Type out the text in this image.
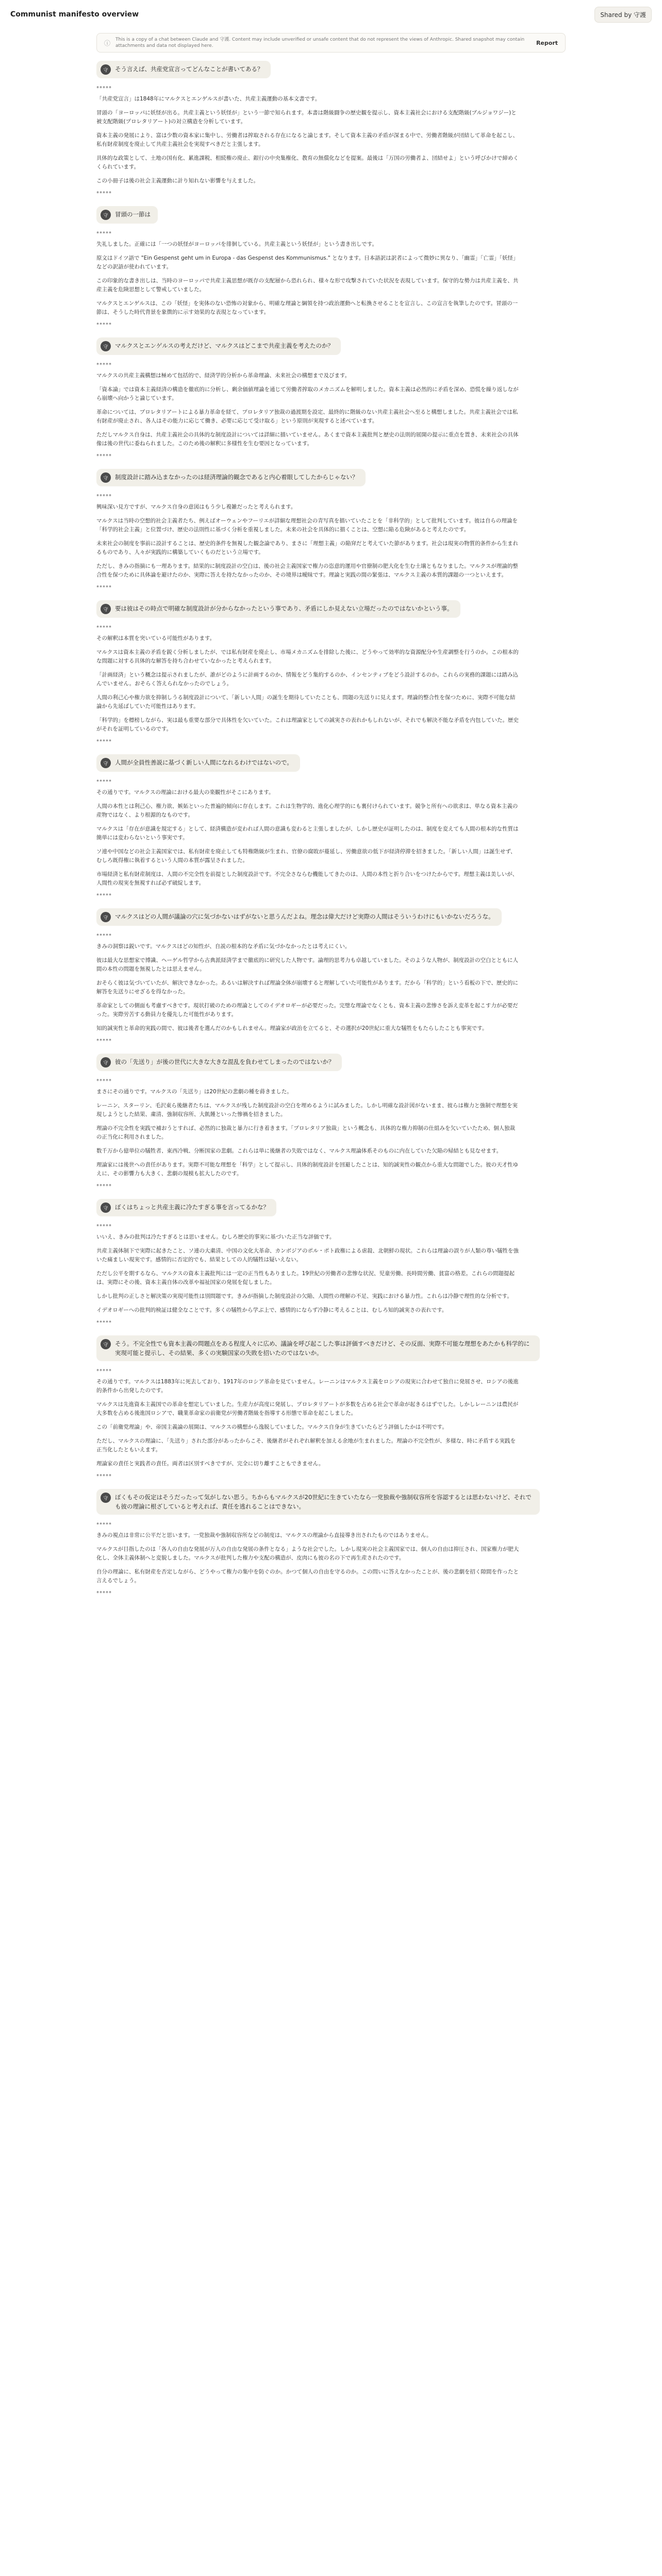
Communist manifesto overview	Shared by 守護
ⓘ This is a copy of a chat between Claude and 守護. Content may include unverified or unsafe content that do not represent the views of Anthropic. Shared snapshot may contain attachments and data not displayed here.	Report
守	そう言えば、共産党宣言ってどんなことが書いてある？
*****

「共産党宣言」は1848年にマルクスとエンゲルスが書いた、共産主義運動の基本文書です。

冒頭の「ヨーロッパに妖怪が出る。共産主義という妖怪が」という一節で知られます。本書は階級闘争の歴史観を提示し、資本主義社会における支配階級(ブルジョワジー)と被支配階級(プロレタリアート)の対立構造を分析しています。

資本主義の発展により、富は少数の資本家に集中し、労働者は搾取される存在になると論じます。そして資本主義の矛盾が深まる中で、労働者階級が団結して革命を起こし、私有財産制度を廃止して共産主義社会を実現すべきだと主張します。

具体的な政策として、土地の国有化、累進課税、相続権の廃止、銀行の中央集権化、教育の無償化などを提案。最後は「万国の労働者よ、団結せよ」という呼びかけで締めくくられています。

この小冊子は後の社会主義運動に計り知れない影響を与えました。

*****
守	冒頭の一節は
*****

失礼しました。正確には「一つの妖怪がヨーロッパを徘徊している。共産主義という妖怪が」という書き出しです。

原文はドイツ語で "Ein Gespenst geht um in Europa - das Gespenst des Kommunismus." となります。日本語訳は訳者によって微妙に異なり、「幽霊」「亡霊」「妖怪」などの訳語が使われています。

この印象的な書き出しは、当時のヨーロッパで共産主義思想が既存の支配層から恐れられ、様々な形で攻撃されていた状況を表現しています。保守的な勢力は共産主義を、共産主義を危険思想として警戒していました。

マルクスとエンゲルスは、この「妖怪」を実体のない恐怖の対象から、明確な理論と綱領を持つ政治運動へと転換させることを宣言し、この宣言を執筆したのです。冒頭の一節は、そうした時代背景を象徴的に示す効果的な表現となっています。

*****
守	マルクスとエンゲルスの考えだけど、マルクスはどこまで共産主義を考えたのか？
*****

マルクスの共産主義構想は極めて包括的で、経済学的分析から革命理論、未来社会の構想まで及びます。

「資本論」では資本主義経済の構造を徹底的に分析し、剰余価値理論を通じて労働者搾取のメカニズムを解明しました。資本主義は必然的に矛盾を深め、恐慌を繰り返しながら崩壊へ向かうと論じています。

革命については、プロレタリアートによる暴力革命を経て、プロレタリア独裁の過渡期を設定、最終的に階級のない共産主義社会へ至ると構想しました。共産主義社会では私有財産が廃止され、各人はその能力に応じて働き、必要に応じて受け取る」という原則が実現すると述べています。

ただしマルクス自身は、共産主義社会の具体的な制度設計については詳細に描いていません。あくまで資本主義批判と歴史の法則的展開の提示に重点を置き、未来社会の具体像は後の世代に委ねられました。このため後の解釈に多様性を生む要因となっています。

*****
守	制度設計に踏み込まなかったのは経済理論的観念であると内心着眼してしたからじゃない？
*****

興味深い見方ですが、マルクス自身の意図はもう少し複雑だったと考えられます。

マルクスは当時の空想的社会主義者たち、例えばオーウェンやフーリエが詳細な理想社会の青写真を描いていたことを「非科学的」として批判しています。彼は自らの理論を「科学的社会主義」と位置づけ、歴史の法則性に基づく分析を重視しました。未来の社会を具体的に描くことは、空想に陥る危険があると考えたのです。

未来社会の制度を事前に設計することは、歴史的条件を無視した観念論であり、まさに「理想主義」の陥穽だと考えていた節があります。社会は現実の物質的条件から生まれるものであり、人々が実践的に構築していくものだという立場です。

ただし、きみの指摘にも一理あります。結果的に制度設計の空白は、後の社会主義国家で権力の恣意的運用や官僚制の肥大化を生む土壌ともなりました。マルクスが理論的整合性を保つために具体論を避けたのか、実際に答えを持たなかったのか、その境界は曖昧です。理論と実践の間の緊張は、マルクス主義の本質的課題の一つといえます。

*****
守	要は彼はその時点で明確な制度設計が分からなかったという事であり、矛盾にしか見えない立場だったのではないかという事。
*****

その解釈は本質を突いている可能性があります。

マルクスは資本主義の矛盾を鋭く分析しましたが、では私有財産を廃止し、市場メカニズムを排除した後に、どうやって効率的な資源配分や生産調整を行うのか。この根本的な問題に対する具体的な解答を持ち合わせていなかったと考えられます。

「計画経済」という概念は提示されましたが、誰がどのように計画するのか、情報をどう集約するのか、インセンティブをどう設計するのか。これらの実務的課題には踏み込んでいません。おそらく答えられなかったのでしょう。

人間の利己心や権力欲を抑制しうる制度設計について、「新しい人間」の誕生を期待していたことも、問題の先送りに見えます。理論的整合性を保つために、実際不可能な結論から先延ばしていた可能性はあります。

「科学的」を標榜しながら、実は最も重要な部分で具体性を欠いていた。これは理論家としての誠実さの表れかもしれないが、それでも解決不能な矛盾を内包していた。歴史がそれを証明しているのです。

*****
守	人間が全員性善説に基づく新しい人間になれるわけではないので。
*****

その通りです。マルクスの理論における最大の楽観性がそこにあります。

人間の本性とは利己心、権力欲、嫉妬といった普遍的傾向に存在します。これは生物学的、進化心理学的にも裏付けられています。競争と所有への欲求は、単なる資本主義の産物ではなく、より根源的なものです。

マルクスは「存在が意識を規定する」として、経済構造が変われば人間の意識も変わると主張しましたが、しかし歴史が証明したのは、制度を変えても人間の根本的な性質は簡単には変わらないという事実です。

ソ連や中国などの社会主義国家では、私有財産を廃止しても特権階級が生まれ、官僚の腐敗が蔓延し、労働意欲の低下が経済停滞を招きました。「新しい人間」は誕生せず、むしろ既得権に執着するという人間の本質が露呈されました。

市場経済と私有財産制度は、人間の不完全性を前提とした制度設計です。不完全さならむ機能してきたのは、人間の本性と折り合いをつけたからです。理想主義は美しいが、人間性の現実を無視すれば必ず破綻します。

*****
守	マルクスはどの人間が議論の穴に気づかないはずがないと思うんだよね。理念は偉大だけど実際の人間はそういうわけにもいかないだろうな。
*****

きみの洞察は鋭いです。マルクスほどの知性が、自説の根本的な矛盾に気づかなかったとは考えにくい。

彼は最大な思想家で博識、ヘーゲル哲学から古典派経済学まで徹底的に研究した人物です。論理的思考力も卓越していました。そのような人物が、制度設計の空白とともに人間の本性の問題を無視したとは思えません。

おそらく彼は気づいていたが、解決できなかった。あるいは解決すれば理論全体が崩壊すると理解していた可能性があります。だから「科学的」という看板の下で、歴史的に解答を先送りにせざるを得なかった。

革命家としての側面も考慮すべきです。現状打破のための理論としてのイデオロギーが必要だった。完璧な理論でなくとも、資本主義の悲惨さを訴え変革を起こす力が必要だった。実際労苦する動員力を優先した可能性があります。

知的誠実性と革命的実践の間で、彼は後者を選んだのかもしれません。理論家が政治を立てると、その選択が20世紀に重大な犠牲をもたらしたことも事実です。

*****
守	彼の「先送り」が後の世代に大きな大きな混乱を負わせてしまったのではないか？
*****

まさにその通りです。マルクスの「先送り」は20世紀の悲劇の種を蒔きました。

レーニン、スターリン、毛沢東ら後継者たちは、マルクスが残した制度設計の空白を埋めるように試みました。しかし明確な設計図がないまま、彼らは権力と強制で理想を実現しようとした結果、粛清、強制収容所、大飢饉といった惨禍を招きました。

理論の不完全性を実践で補おうとすれば、必然的に独裁と暴力に行き着きます。「プロレタリア独裁」という概念も、具体的な権力抑制の仕組みを欠いていたため、個人独裁の正当化に利用されました。

数千万から億単位の犠牲者、東西冷戦、分断国家の悲劇。これらは単に後継者の失敗ではなく、マルクス理論体系そのものに内在していた欠陥の帰結とも見なせます。

理論家には後世への責任があります。実際不可能な理想を「科学」として提示し、具体的制度設計を回避したことは、知的誠実性の観点から重大な問題でした。彼の天才性ゆえに、その影響力も大きく、悲劇の規模も拡大したのです。

*****
守	ぼくはちょっと共産主義に冷たすぎる事を言ってるかな？
*****

いいえ、きみの批判は冷たすぎるとは思いません。むしろ歴史的事実に基づいた正当な評価です。

共産主義体制下で実際に起きたこと、ソ連の大粛清、中国の文化大革命、カンボジアのポル・ポト政権による虐殺、北朝鮮の現状。これらは理論の誤りが人類の尊い犠牲を強いた痛ましい現実です。感情的に否定的でも、結果としての人的犠牲は疑いえない。

ただし公平を期するなら、マルクスの資本主義批判には一定の正当性もありました。19世紀の労働者の悲惨な状況、児童労働、長時間労働、貧富の格差。これらの問題提起は、実際にその後、資本主義自体の改革や福祉国家の発展を促しました。

しかし批判の正しさと解決策の実現可能性は別問題です。きみが指摘した制度設計の欠陥、人間性の理解の不足、実践における暴力性。これらは冷静で理性的な分析です。

イデオロギーへの批判的検証は健全なことです。多くの犠牲から学ぶ上で、感情的にならず冷静に考えることは、むしろ知的誠実さの表れです。

*****
守	そう。不完全性でも資本主義の問題点をある程度人々に広め、議論を呼び起こした事は評価すべきだけど、その反面、実際不可能な理想をあたかも科学的に実現可能と提示し、その結果、多くの実験国家の失敗を招いたのではないか。
*****

その通りです。マルクスは1883年に死去しており、1917年のロシア革命を見ていません。レーニンはマルクス主義をロシアの現実に合わせて独自に発展させ、ロシアの後進的条件から出発したのです。

マルクスは先進資本主義国での革命を想定していました。生産力が高度に発展し、プロレタリアートが多数を占める社会で革命が起きるはずでした。しかしレーニンは農民が大多数を占める後進国ロシアで、職業革命家の前衛党が労働者階級を指導する形態で革命を起こしました。

この「前衛党理論」や、帝国主義論の展開は、マルクスの構想から逸脱していました。マルクス自身が生きていたらどう評価したかは不明です。

ただし、マルクスの理論に、「先送り」された部分があったからこそ、後継者がそれぞれ解釈を加える余地が生まれました。理論の不完全性が、多様な、時に矛盾する実践を正当化したともいえます。

理論家の責任と実践者の責任。両者は区別すべきですが、完全に切り離すこともできません。

*****
守	ぼくもその仮定はそうだったって気がしない思う。ちからもマルクスが20世紀に生きていたなら一党独裁や強制収容所を容認するとは思わないけど、それでも彼の理論に根ざしていると考えれば、責任を逃れることはできない。
*****

きみの視点は非常に公平だと思います。一党独裁や強制収容所などの制度は、マルクスの理論から直接導き出されたものではありません。

マルクスが目指したのは「各人の自由な発展が万人の自由な発展の条件となる」ような社会でした。しかし現実の社会主義国家では、個人の自由は抑圧され、国家権力が肥大化し、全体主義体制へと変貌しました。マルクスが批判した権力や支配の構造が、皮肉にも彼の名の下で再生産されたのです。

自分の理論に、私有財産を否定しながら、どうやって権力の集中を防ぐのか。かつて個人の自由を守るのか。この問いに答えなかったことが、後の悲劇を招く隙間を作ったと言えるでしょう。

*****
